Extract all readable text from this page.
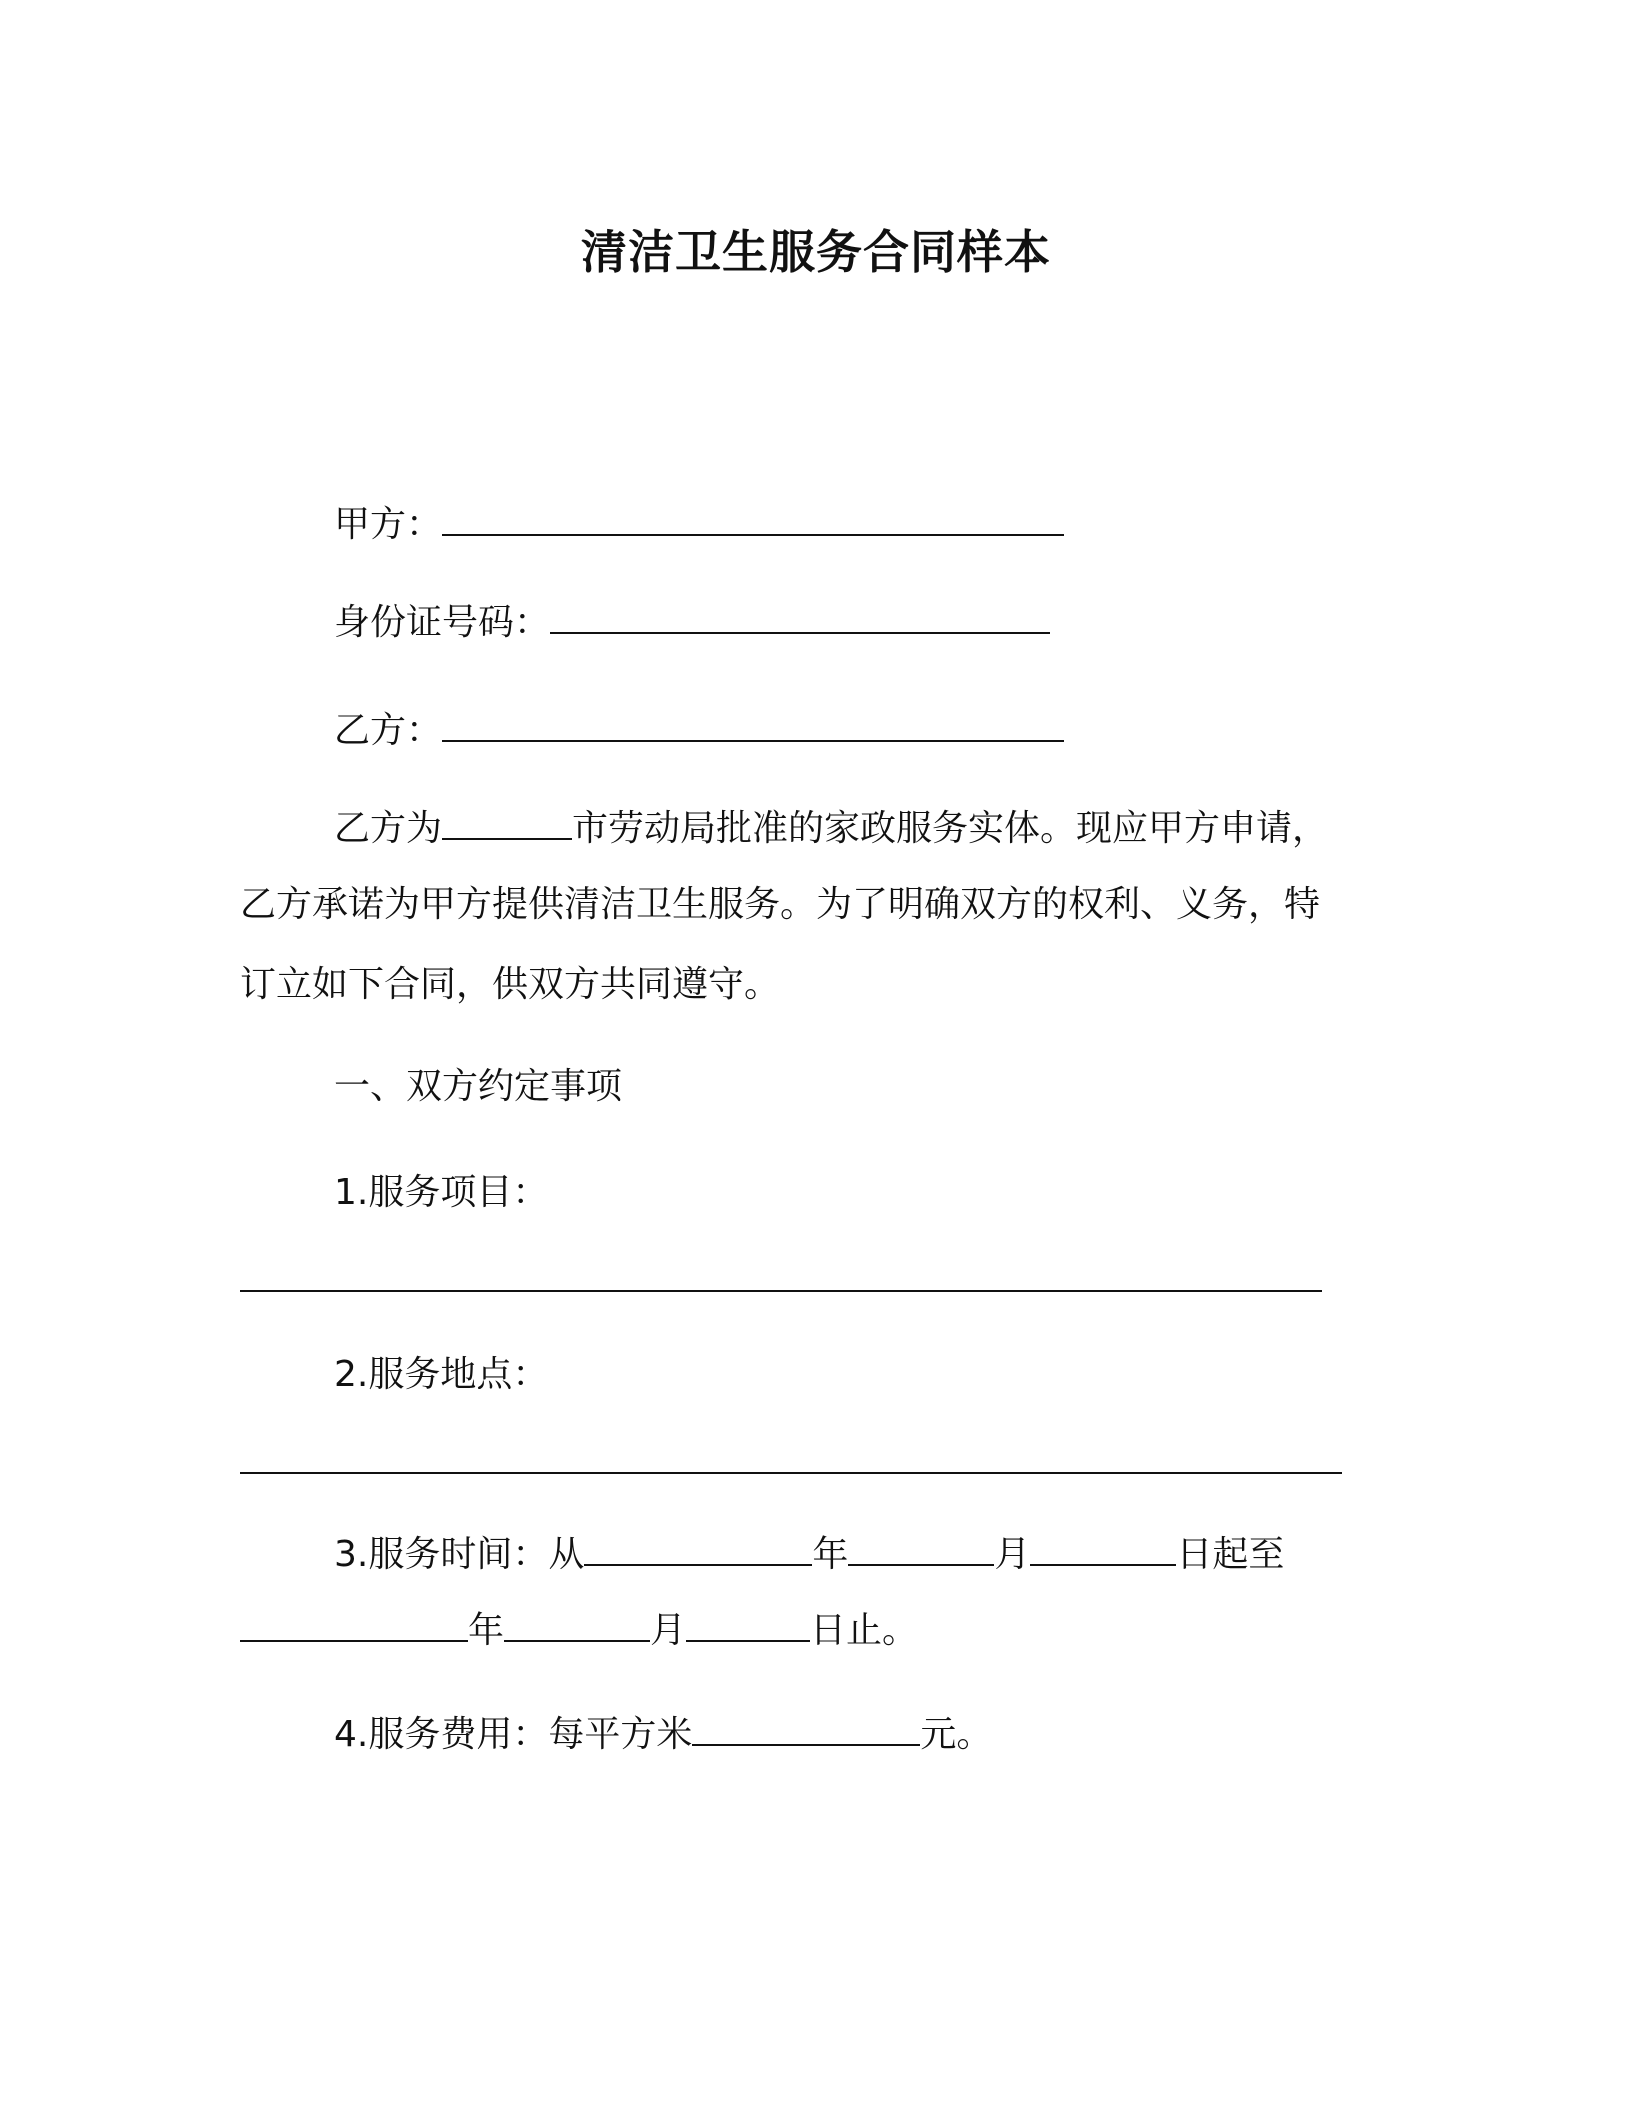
清洁卫生服务合同样本

甲方：

身份证号码：

乙方：

乙方为	市劳动局批准的家政服务实体。现应甲方申请，

乙方承诺为甲方提供清洁卫生服务。为了明确双方的权利、义务，特

订立如下合同，供双方共同遵守。

一、双方约定事项

1.服务项目：

2.服务地点：

3.服务时间：从	年	月	日起至

年	月	日止。

4.服务费用：每平方米	元。
